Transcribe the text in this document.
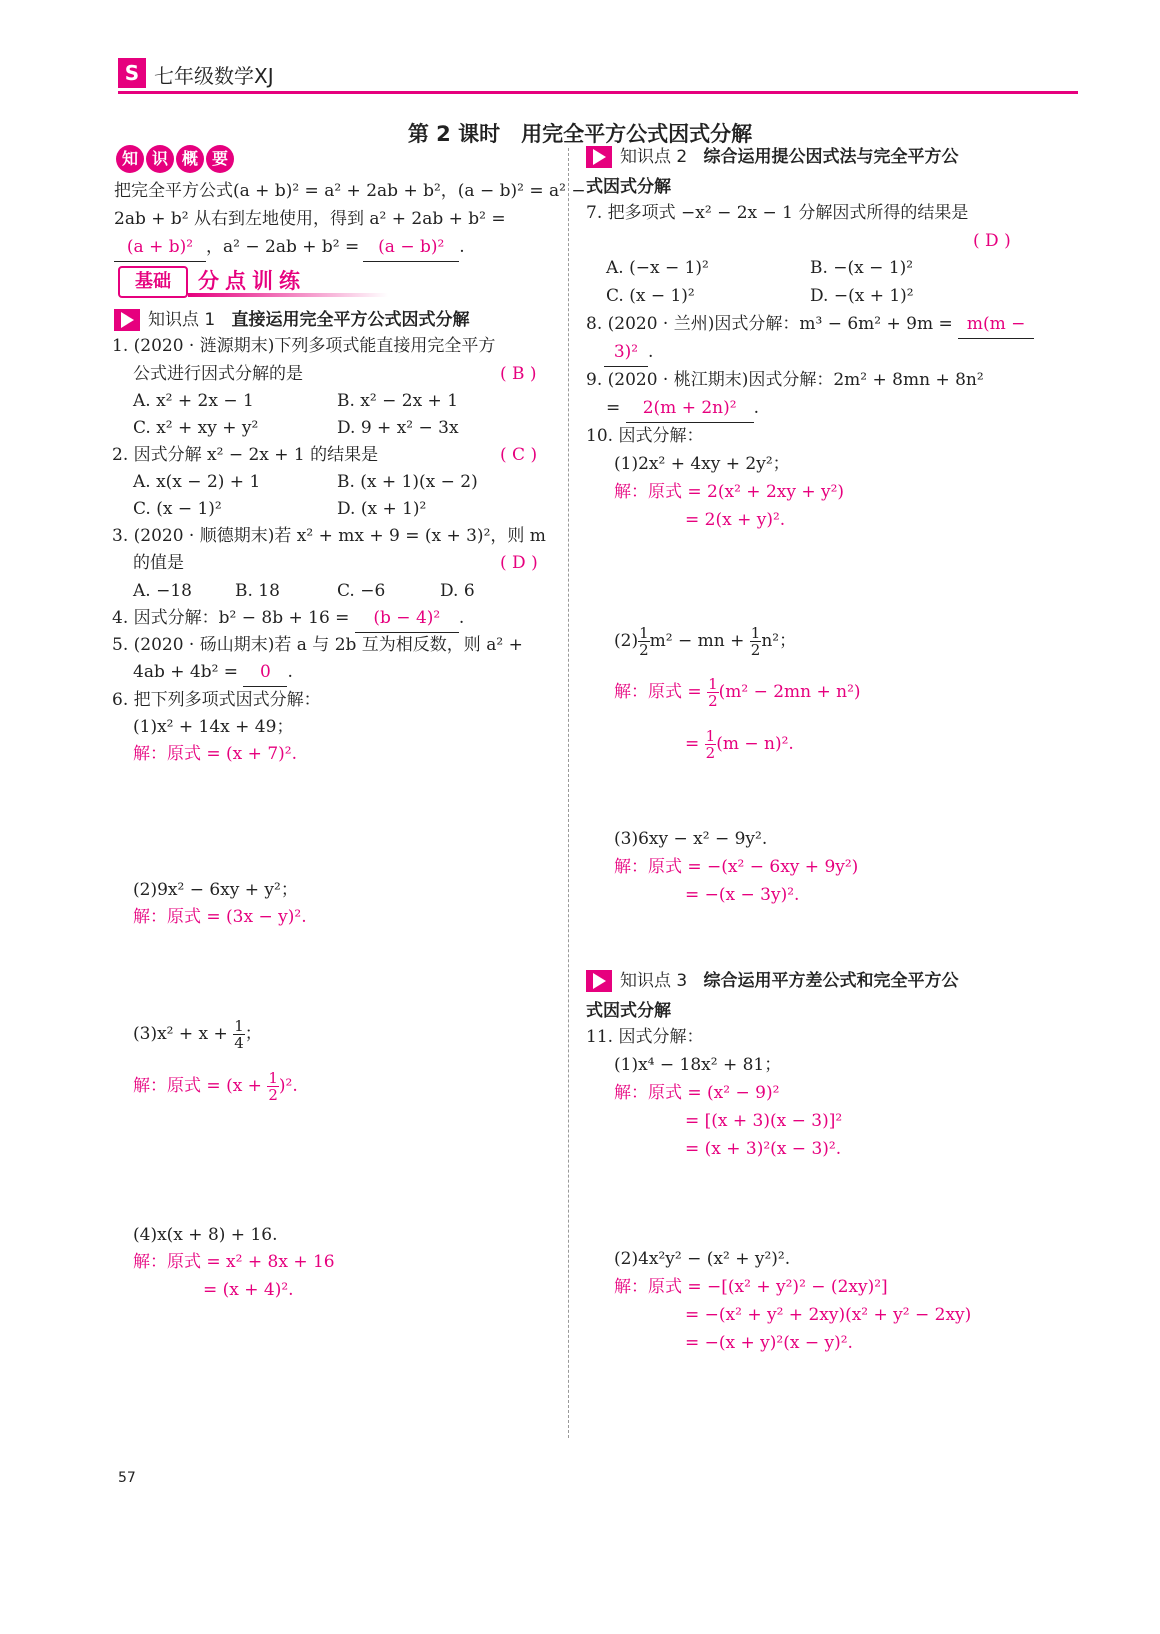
S 七年级数学XJ
第 2 课时　用完全平方公式因式分解
知 识 概 要
把完全平方公式(a + b)² = a² + 2ab + b²，(a − b)² = a² −
2ab + b² 从右到左地使用，得到 a² + 2ab + b² =
(a + b)² ，a² − 2ab + b² = (a − b)² .
基础	分点训练
知识点 1 直接运用完全平方公式因式分解
1. (2020 · 涟源期末)下列多项式能直接用完全平方
公式进行因式分解的是	( B )
A. x² + 2x − 1	B. x² − 2x + 1
C. x² + xy + y²	D. 9 + x² − 3x
2. 因式分解 x² − 2x + 1 的结果是	( C )
A. x(x − 2) + 1	B. (x + 1)(x − 2)
C. (x − 1)²	D. (x + 1)²
3. (2020 · 顺德期末)若 x² + mx + 9 = (x + 3)²，则 m
的值是	( D )
A. −18	B. 18	C. −6	D. 6
4. 因式分解：b² − 8b + 16 = (b − 4)² .
5. (2020 · 砀山期末)若 a 与 2b 互为相反数，则 a² +
4ab + 4b² = 0 .
6. 把下列多项式因式分解：
(1)x² + 14x + 49；
解：原式 = (x + 7)².
(2)9x² − 6xy + y²；
解：原式 = (3x − y)².
$(3)x^2 + x + \frac{1}{4}$ ；
解：原式 = $(x + \frac{1}{2} )^2$.
(4)x(x + 8) + 16.
解：原式 = x² + 8x + 16
= (x + 4)².
知识点 2 综合运用提公因式法与完全平方公
式因式分解
7. 把多项式 −x² − 2x − 1 分解因式所得的结果是
( D )
A. (−x − 1)²	B. −(x − 1)²
C. (x − 1)²	D. −(x + 1)²
8. (2020 · 兰州)因式分解：m³ − 6m² + 9m = m(m −
3)² .
9. (2020 · 桃江期末)因式分解：2m² + 8mn + 8n²
= 2(m + 2n)² .
10. 因式分解：
(1)2x² + 4xy + 2y²；
解：原式 = 2(x² + 2xy + y²)
= 2(x + y)².
$(2) \frac{1}{2} m^2$ − mn + $\frac{1}{2} n^2$；
解：原式 = $\frac{1}{2} (m^2 - 2mn + n^2)$
= $\frac{1}{2} (m - n)^2$.
(3)6xy − x² − 9y².
解：原式 = −(x² − 6xy + 9y²)
= −(x − 3y)².
知识点 3 综合运用平方差公式和完全平方公
式因式分解
11. 因式分解：
(1)x⁴ − 18x² + 81；
解：原式 = (x² − 9)²
= [(x + 3)(x − 3)]²
= (x + 3)²(x − 3)².
(2)4x²y² − (x² + y²)².
解：原式 = −[(x² + y²)² − (2xy)²]
= −(x² + y² + 2xy)(x² + y² − 2xy)
= −(x + y)²(x − y)².
57
